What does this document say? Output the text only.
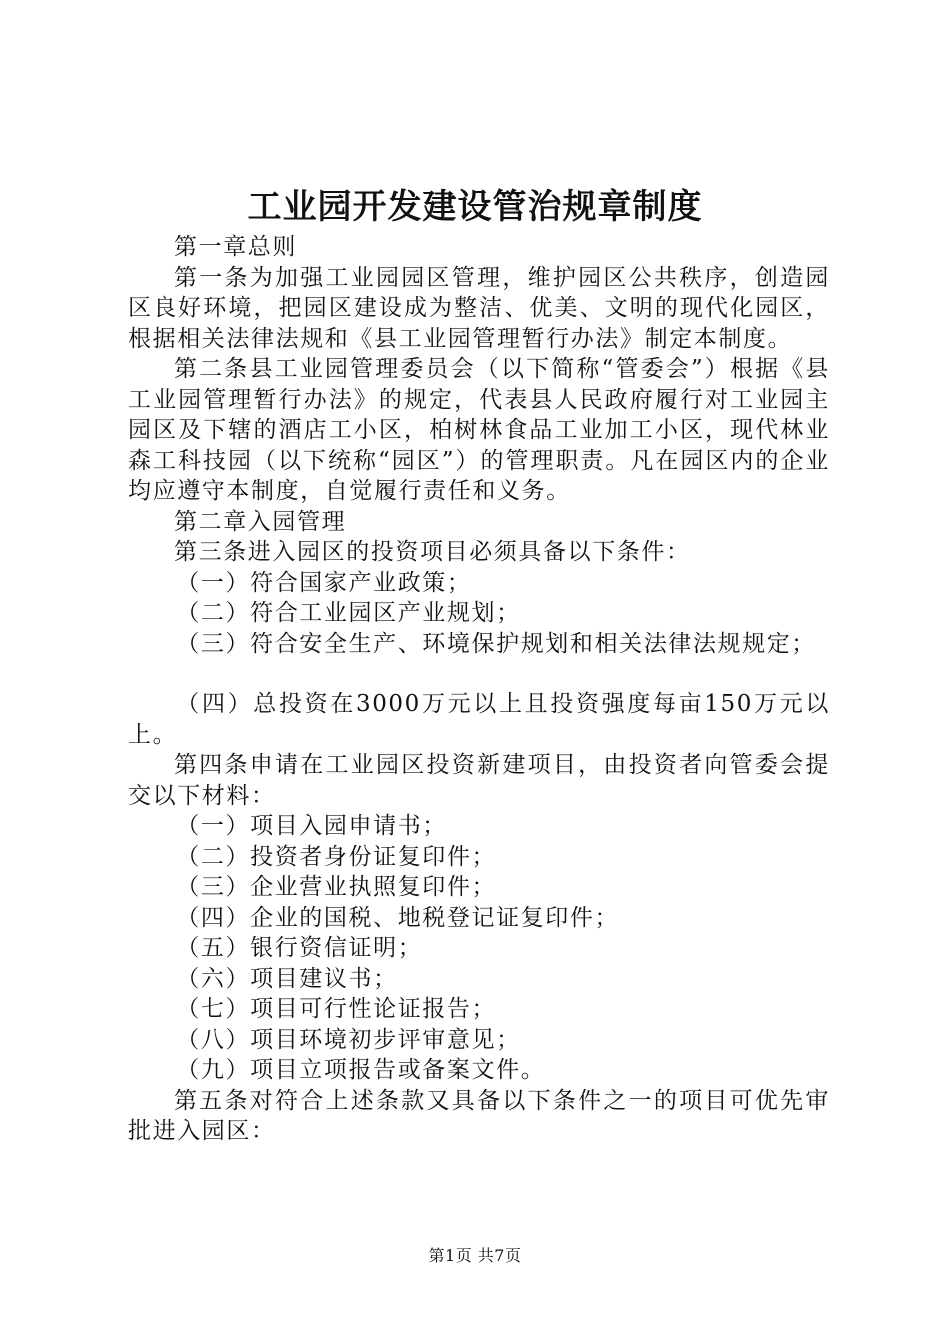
工业园开发建设管治规章制度

第一章总则

第一条为加强工业园园区管理，维护园区公共秩序，创造园区良好环境，把园区建设成为整洁、优美、文明的现代化园区，根据相关法律法规和《县工业园管理暂行办法》制定本制度。

第二条县工业园管理委员会（以下简称“管委会”）根据《县工业园管理暂行办法》的规定，代表县人民政府履行对工业园主园区及下辖的酒店工小区，柏树林食品工业加工小区，现代林业森工科技园（以下统称“园区”）的管理职责。凡在园区内的企业均应遵守本制度，自觉履行责任和义务。

第二章入园管理

第三条进入园区的投资项目必须具备以下条件：

（一）符合国家产业政策；

（二）符合工业园区产业规划；

（三）符合安全生产、环境保护规划和相关法律法规规定；

（四）总投资在3000万元以上且投资强度每亩150万元以上。

第四条申请在工业园区投资新建项目，由投资者向管委会提交以下材料：

（一）项目入园申请书；

（二）投资者身份证复印件；

（三）企业营业执照复印件；

（四）企业的国税、地税登记证复印件；

（五）银行资信证明；

（六）项目建议书；

（七）项目可行性论证报告；

（八）项目环境初步评审意见；

（九）项目立项报告或备案文件。

第五条对符合上述条款又具备以下条件之一的项目可优先审批进入园区：

第1页 共7页
